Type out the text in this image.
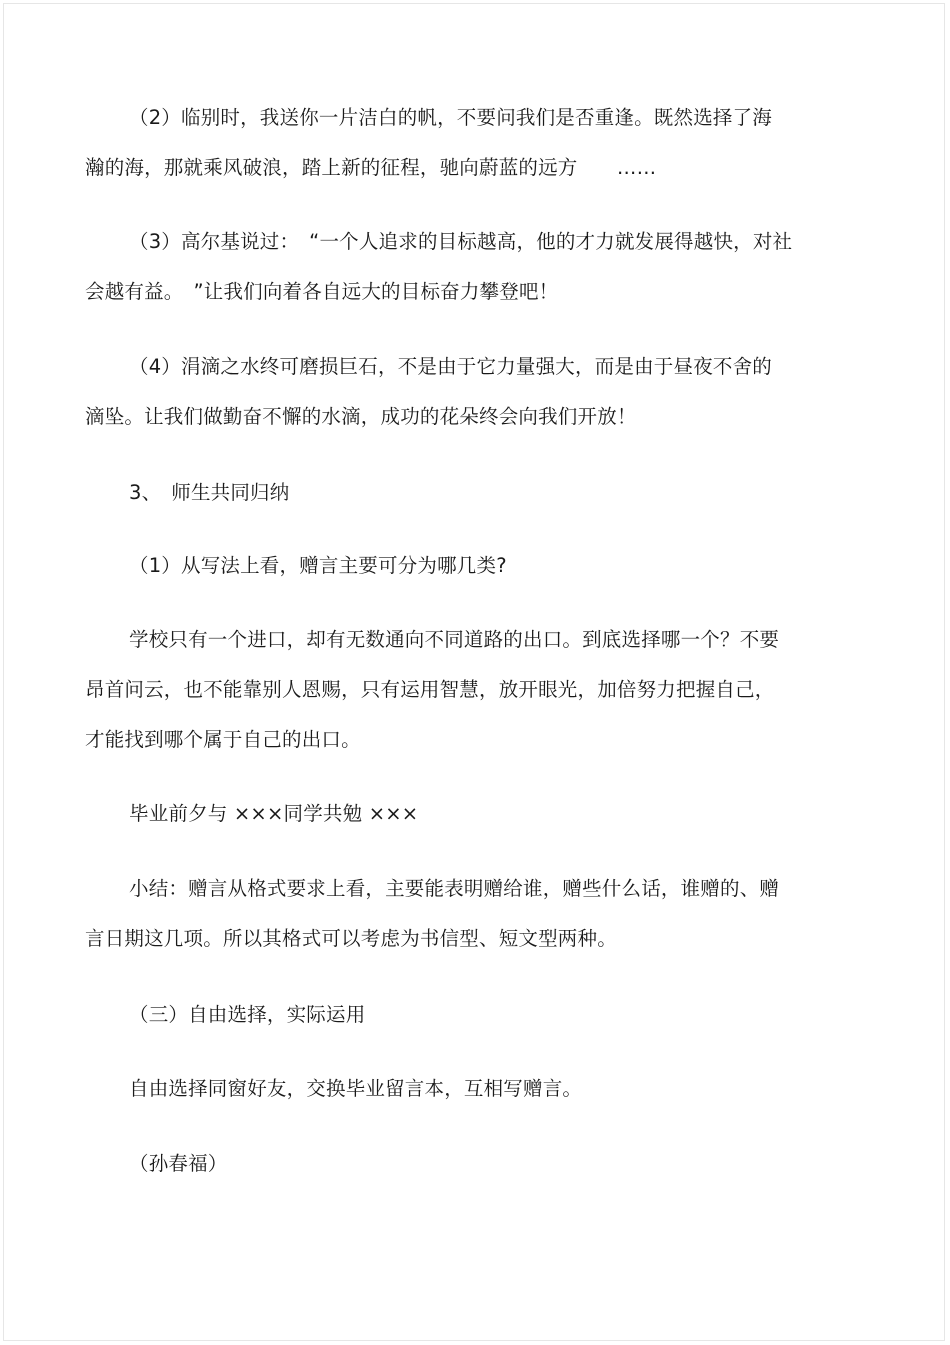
（2）临别时，我送你一片洁白的帆，不要问我们是否重逢。既然选择了海
瀚的海，那就乘风破浪，踏上新的征程，驰向蔚蓝的远方　　……
（3）高尔基说过：　“一个人追求的目标越高，他的才力就发展得越快，对社
会越有益。　”让我们向着各自远大的目标奋力攀登吧！
（4）涓滴之水终可磨损巨石，不是由于它力量强大，而是由于昼夜不舍的
滴坠。让我们做勤奋不懈的水滴，成功的花朵终会向我们开放！
3、　师生共同归纳
（1）从写法上看，赠言主要可分为哪几类?
学校只有一个进口，却有无数通向不同道路的出口。到底选择哪一个？不要
昂首问云，也不能靠别人恩赐，只有运用智慧，放开眼光，加倍努力把握自己，
才能找到哪个属于自己的出口。
毕业前夕与 ×××同学共勉 ×××
小结：赠言从格式要求上看，主要能表明赠给谁，赠些什么话，谁赠的、赠
言日期这几项。所以其格式可以考虑为书信型、短文型两种。
（三）自由选择，实际运用
自由选择同窗好友，交换毕业留言本，互相写赠言。
（孙春福）
